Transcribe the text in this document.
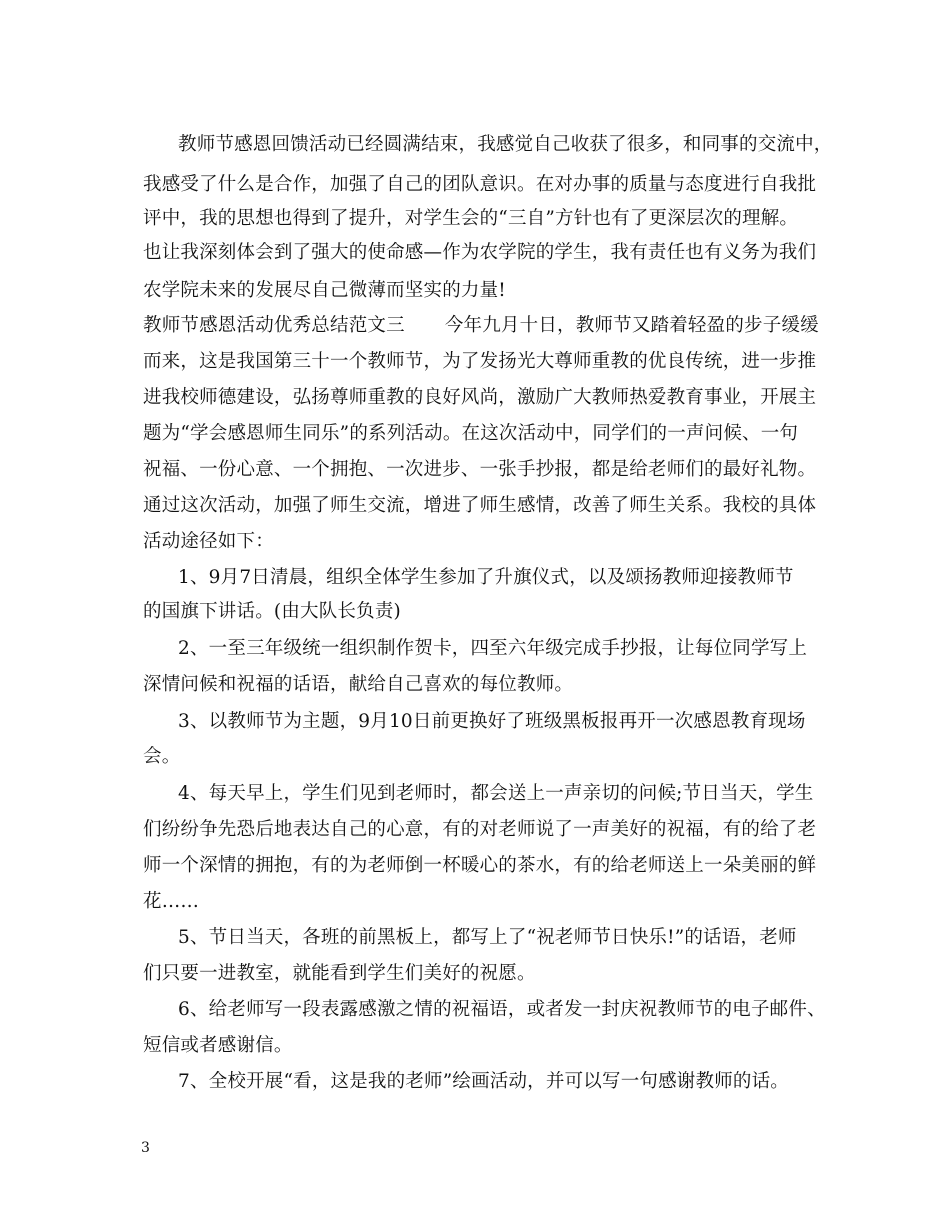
教师节感恩回馈活动已经圆满结束，我感觉自己收获了很多，和同事的交流中，
我感受了什么是合作，加强了自己的团队意识。在对办事的质量与态度进行自我批
评中，我的思想也得到了提升，对学生会的“三自”方针也有了更深层次的理解。
也让我深刻体会到了强大的使命感—作为农学院的学生，我有责任也有义务为我们
农学院未来的发展尽自己微薄而坚实的力量!
教师节感恩活动优秀总结范文三 今年九月十日，教师节又踏着轻盈的步子缓缓
而来，这是我国第三十一个教师节，为了发扬光大尊师重教的优良传统，进一步推
进我校师德建设，弘扬尊师重教的良好风尚，激励广大教师热爱教育事业，开展主
题为“学会感恩师生同乐”的系列活动。在这次活动中，同学们的一声问候、一句
祝福、一份心意、一个拥抱、一次进步、一张手抄报，都是给老师们的最好礼物。
通过这次活动，加强了师生交流，增进了师生感情，改善了师生关系。我校的具体
活动途径如下：
1、9月7日清晨，组织全体学生参加了升旗仪式，以及颂扬教师迎接教师节
的国旗下讲话。(由大队长负责)
2、一至三年级统一组织制作贺卡，四至六年级完成手抄报，让每位同学写上
深情问候和祝福的话语，献给自己喜欢的每位教师。
3、以教师节为主题，9月10日前更换好了班级黑板报再开一次感恩教育现场
会。
4、每天早上，学生们见到老师时，都会送上一声亲切的问候;节日当天，学生
们纷纷争先恐后地表达自己的心意，有的对老师说了一声美好的祝福，有的给了老
师一个深情的拥抱，有的为老师倒一杯暖心的茶水，有的给老师送上一朵美丽的鲜
花……
5、节日当天，各班的前黑板上，都写上了“祝老师节日快乐!”的话语，老师
们只要一进教室，就能看到学生们美好的祝愿。
6、给老师写一段表露感激之情的祝福语，或者发一封庆祝教师节的电子邮件、
短信或者感谢信。
7、全校开展“看，这是我的老师”绘画活动，并可以写一句感谢教师的话。
3
